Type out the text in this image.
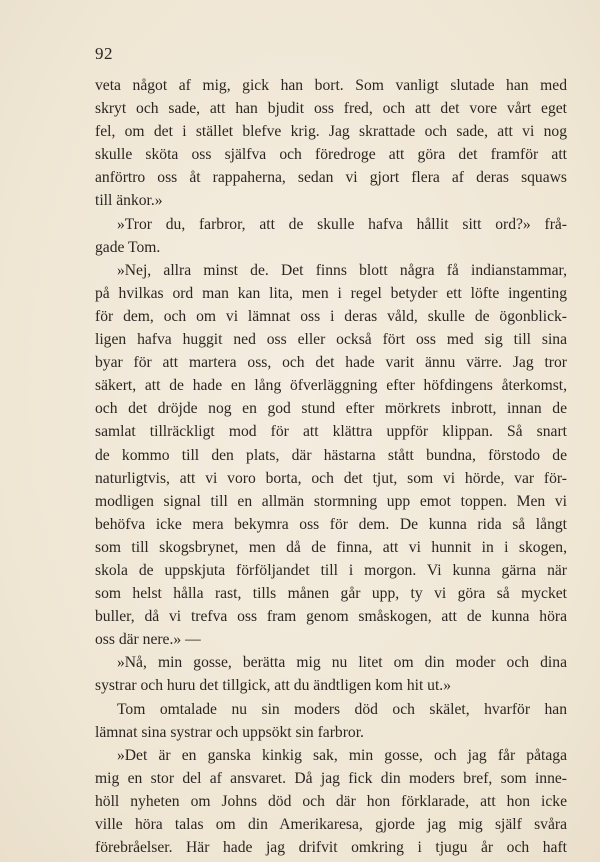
92
veta något af mig, gick han bort. Som vanligt slutade han med
skryt och sade, att han bjudit oss fred, och att det vore vårt eget
fel, om det i stället blefve krig. Jag skrattade och sade, att vi nog
skulle sköta oss själfva och föredroge att göra det framför att
anförtro oss åt rappaherna, sedan vi gjort flera af deras squaws
till änkor.»
»Tror du, farbror, att de skulle hafva hållit sitt ord?» frå-
gade Tom.
»Nej, allra minst de. Det finns blott några få indianstammar,
på hvilkas ord man kan lita, men i regel betyder ett löfte ingenting
för dem, och om vi lämnat oss i deras våld, skulle de ögonblick-
ligen hafva huggit ned oss eller också fört oss med sig till sina
byar för att martera oss, och det hade varit ännu värre. Jag tror
säkert, att de hade en lång öfverläggning efter höfdingens återkomst,
och det dröjde nog en god stund efter mörkrets inbrott, innan de
samlat tillräckligt mod för att klättra uppför klippan. Så snart
de kommo till den plats, där hästarna stått bundna, förstodo de
naturligtvis, att vi voro borta, och det tjut, som vi hörde, var för-
modligen signal till en allmän stormning upp emot toppen. Men vi
behöfva icke mera bekymra oss för dem. De kunna rida så långt
som till skogsbrynet, men då de finna, att vi hunnit in i skogen,
skola de uppskjuta förföljandet till i morgon. Vi kunna gärna när
som helst hålla rast, tills månen går upp, ty vi göra så mycket
buller, då vi trefva oss fram genom småskogen, att de kunna höra
oss där nere.» —
»Nå, min gosse, berätta mig nu litet om din moder och dina
systrar och huru det tillgick, att du ändtligen kom hit ut.»
Tom omtalade nu sin moders död och skälet, hvarför han
lämnat sina systrar och uppsökt sin farbror.
»Det är en ganska kinkig sak, min gosse, och jag får påtaga
mig en stor del af ansvaret. Då jag fick din moders bref, som inne-
höll nyheten om Johns död och där hon förklarade, att hon icke
ville höra talas om din Amerikaresa, gjorde jag mig själf svåra
förebråelser. Här hade jag drifvit omkring i tjugu år och haft
